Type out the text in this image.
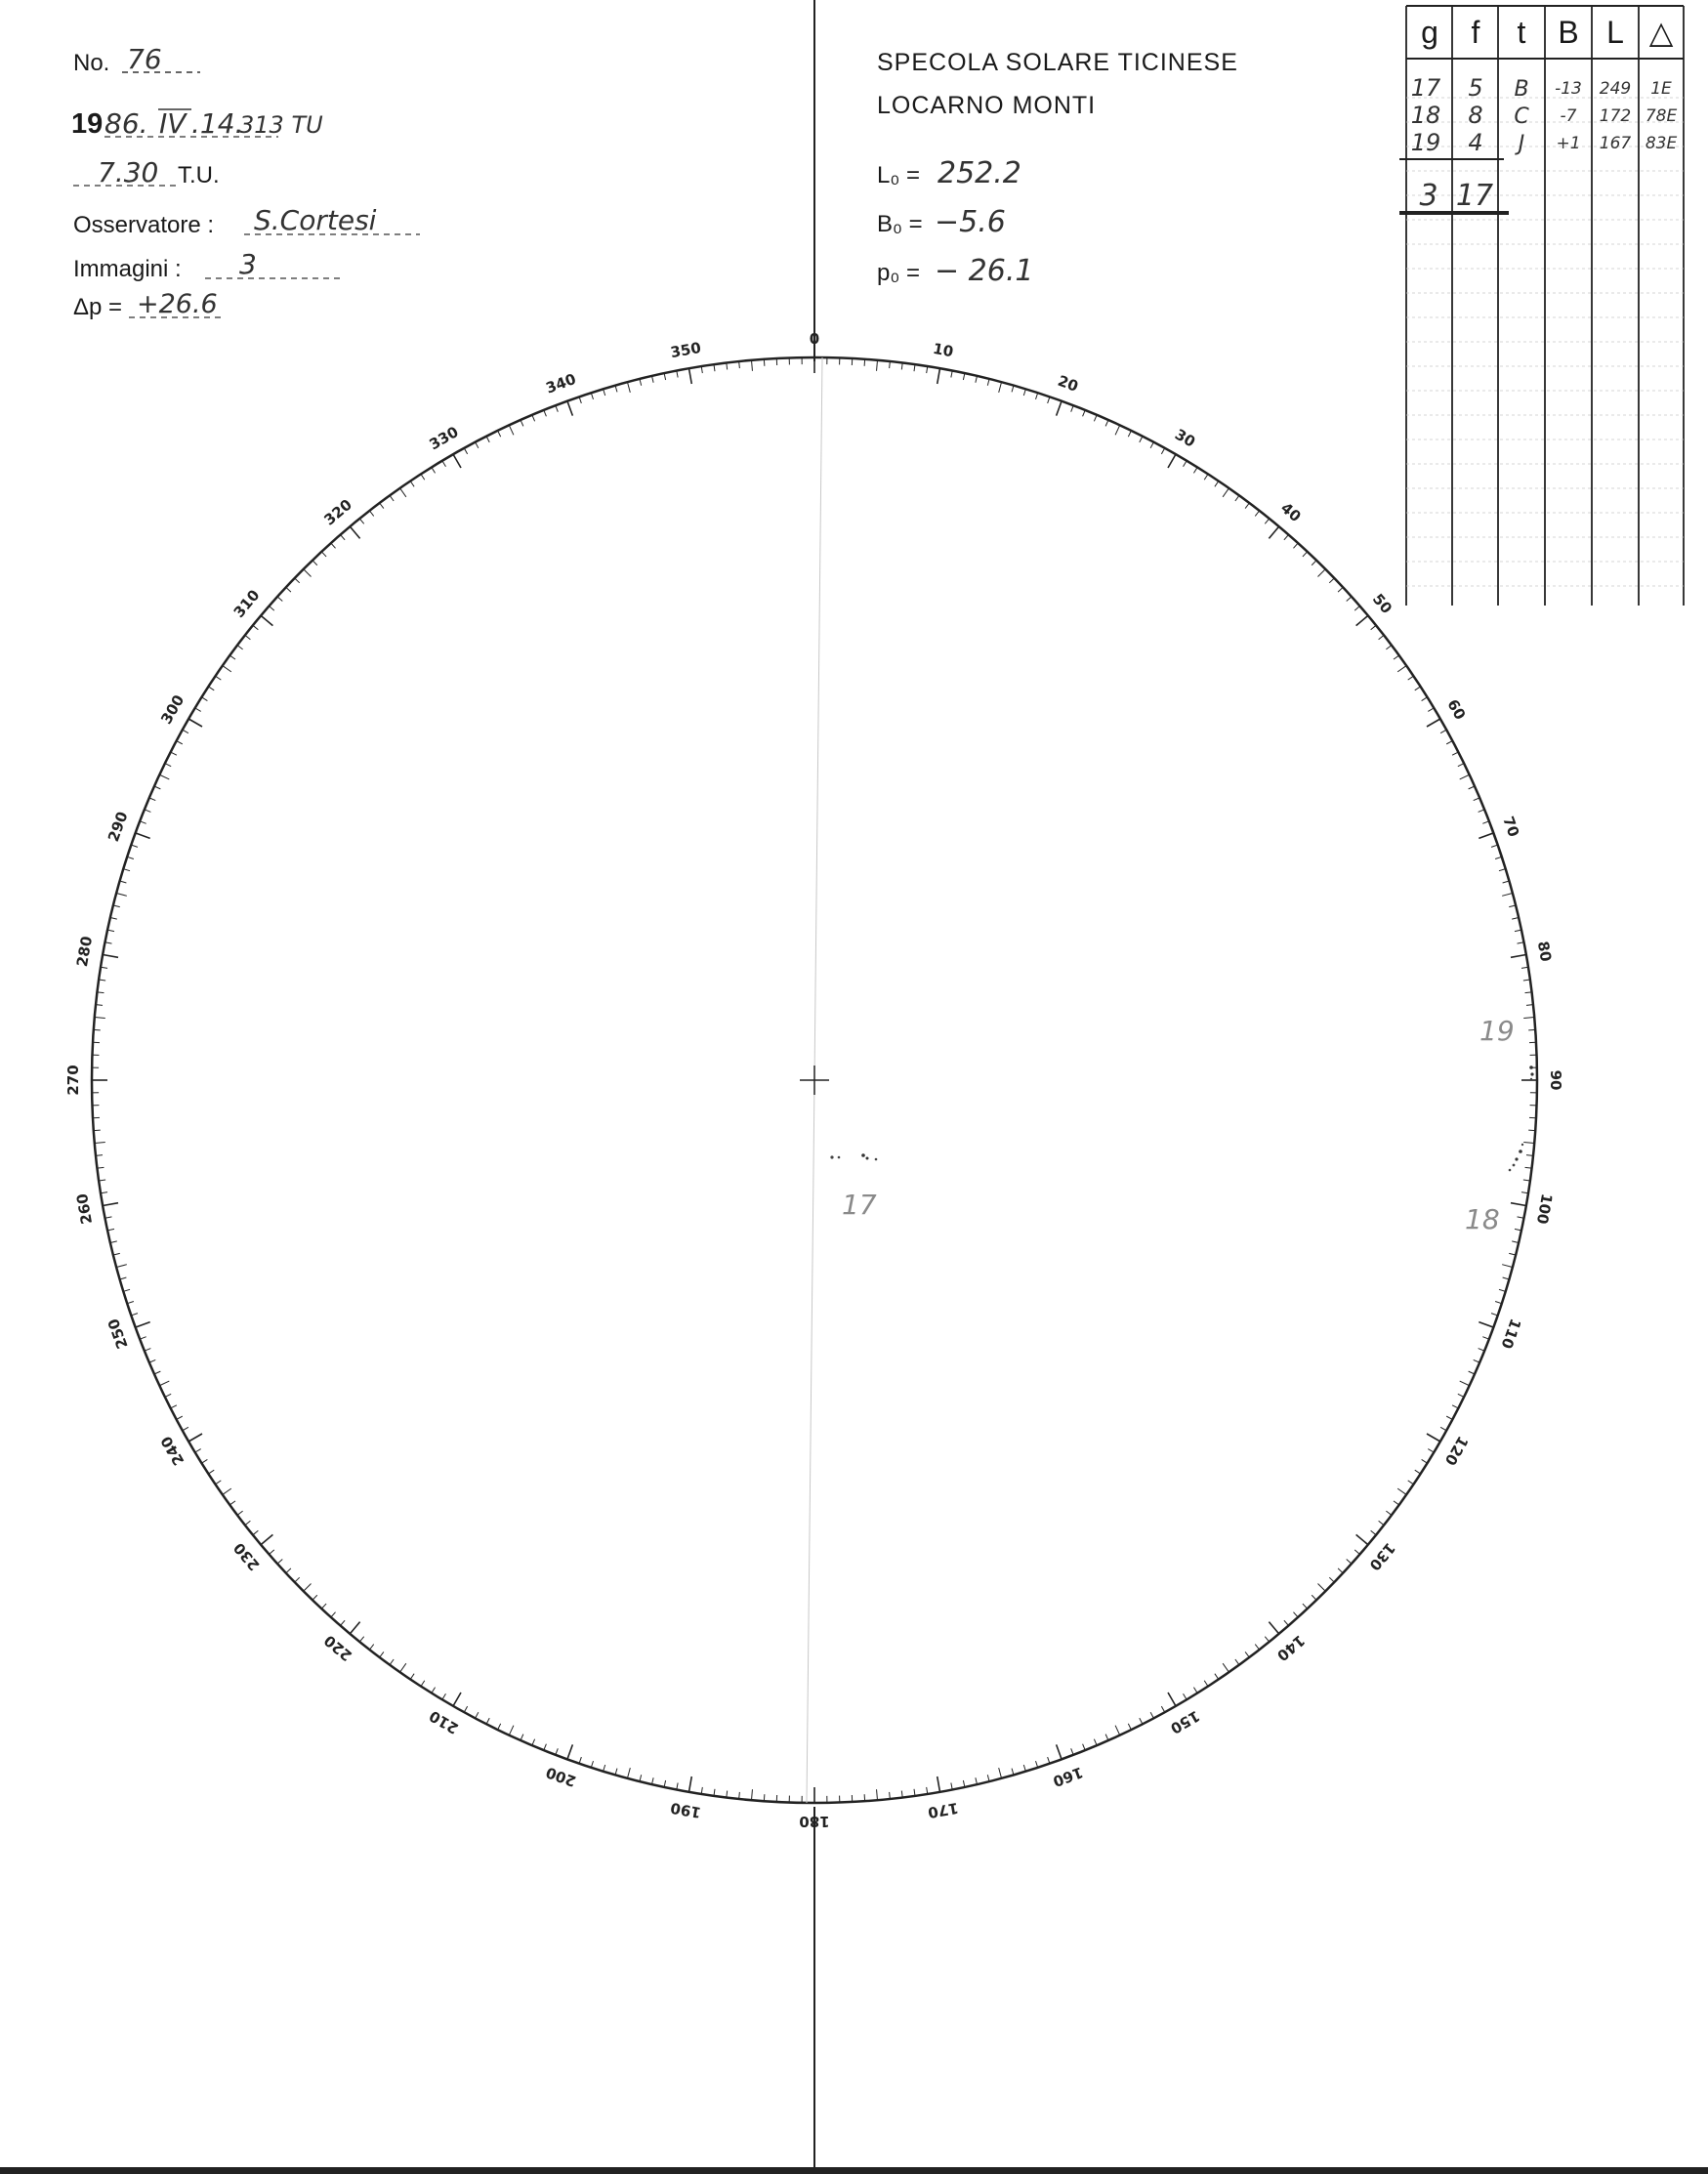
No. 76
19 86. IV .14.
313 TU
7.30 T.U.
Osservatore : S.Cortesi
Immagini : 3
Δp = +26.6
SPECOLA SOLARE TICINESE
LOCARNO MONTI
L₀ = 252.2
B₀ = −5.6
p₀ = − 26.1
g f t B L △
17 5 B -13 249 1E
18 8 C -7 172 78E
19 4 J +1 167 83E
3 17
0
10
20
30
40
50
60
70
80
90
100
110
120
130
140
150
160
170
180
190
200
210
220
230
240
250
260
270
280
290
300
310
320
330
340
350
17	18
19
